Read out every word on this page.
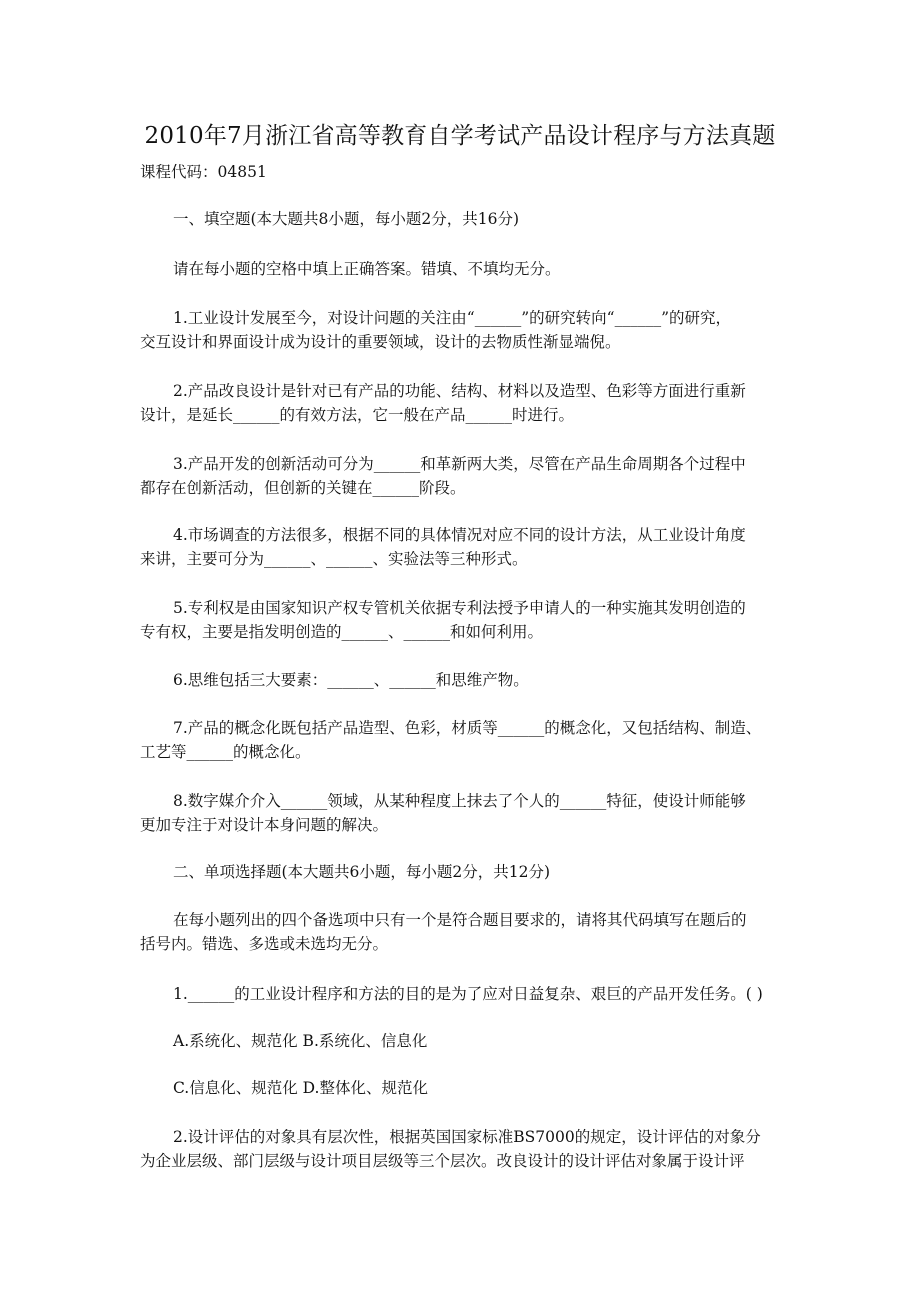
2010年7月浙江省高等教育自学考试产品设计程序与方法真题
课程代码：04851
一、填空题(本大题共8小题，每小题2分，共16分)
请在每小题的空格中填上正确答案。错填、不填均无分。
1.工业设计发展至今，对设计问题的关注由“______”的研究转向“______”的研究，
交互设计和界面设计成为设计的重要领域，设计的去物质性渐显端倪。
2.产品改良设计是针对已有产品的功能、结构、材料以及造型、色彩等方面进行重新
设计，是延长______的有效方法，它一般在产品______时进行。
3.产品开发的创新活动可分为______和革新两大类，尽管在产品生命周期各个过程中
都存在创新活动，但创新的关键在______阶段。
4.市场调查的方法很多，根据不同的具体情况对应不同的设计方法，从工业设计角度
来讲，主要可分为______、______、实验法等三种形式。
5.专利权是由国家知识产权专管机关依据专利法授予申请人的一种实施其发明创造的
专有权，主要是指发明创造的______、______和如何利用。
6.思维包括三大要素：______、______和思维产物。
7.产品的概念化既包括产品造型、色彩，材质等______的概念化，又包括结构、制造、
工艺等______的概念化。
8.数字媒介介入______领域，从某种程度上抹去了个人的______特征，使设计师能够
更加专注于对设计本身问题的解决。
二、单项选择题(本大题共6小题，每小题2分，共12分)
在每小题列出的四个备选项中只有一个是符合题目要求的，请将其代码填写在题后的
括号内。错选、多选或未选均无分。
1.______的工业设计程序和方法的目的是为了应对日益复杂、艰巨的产品开发任务。( )
A.系统化、规范化 B.系统化、信息化
C.信息化、规范化 D.整体化、规范化
2.设计评估的对象具有层次性，根据英国国家标准BS7000的规定，设计评估的对象分
为企业层级、部门层级与设计项目层级等三个层次。改良设计的设计评估对象属于设计评
